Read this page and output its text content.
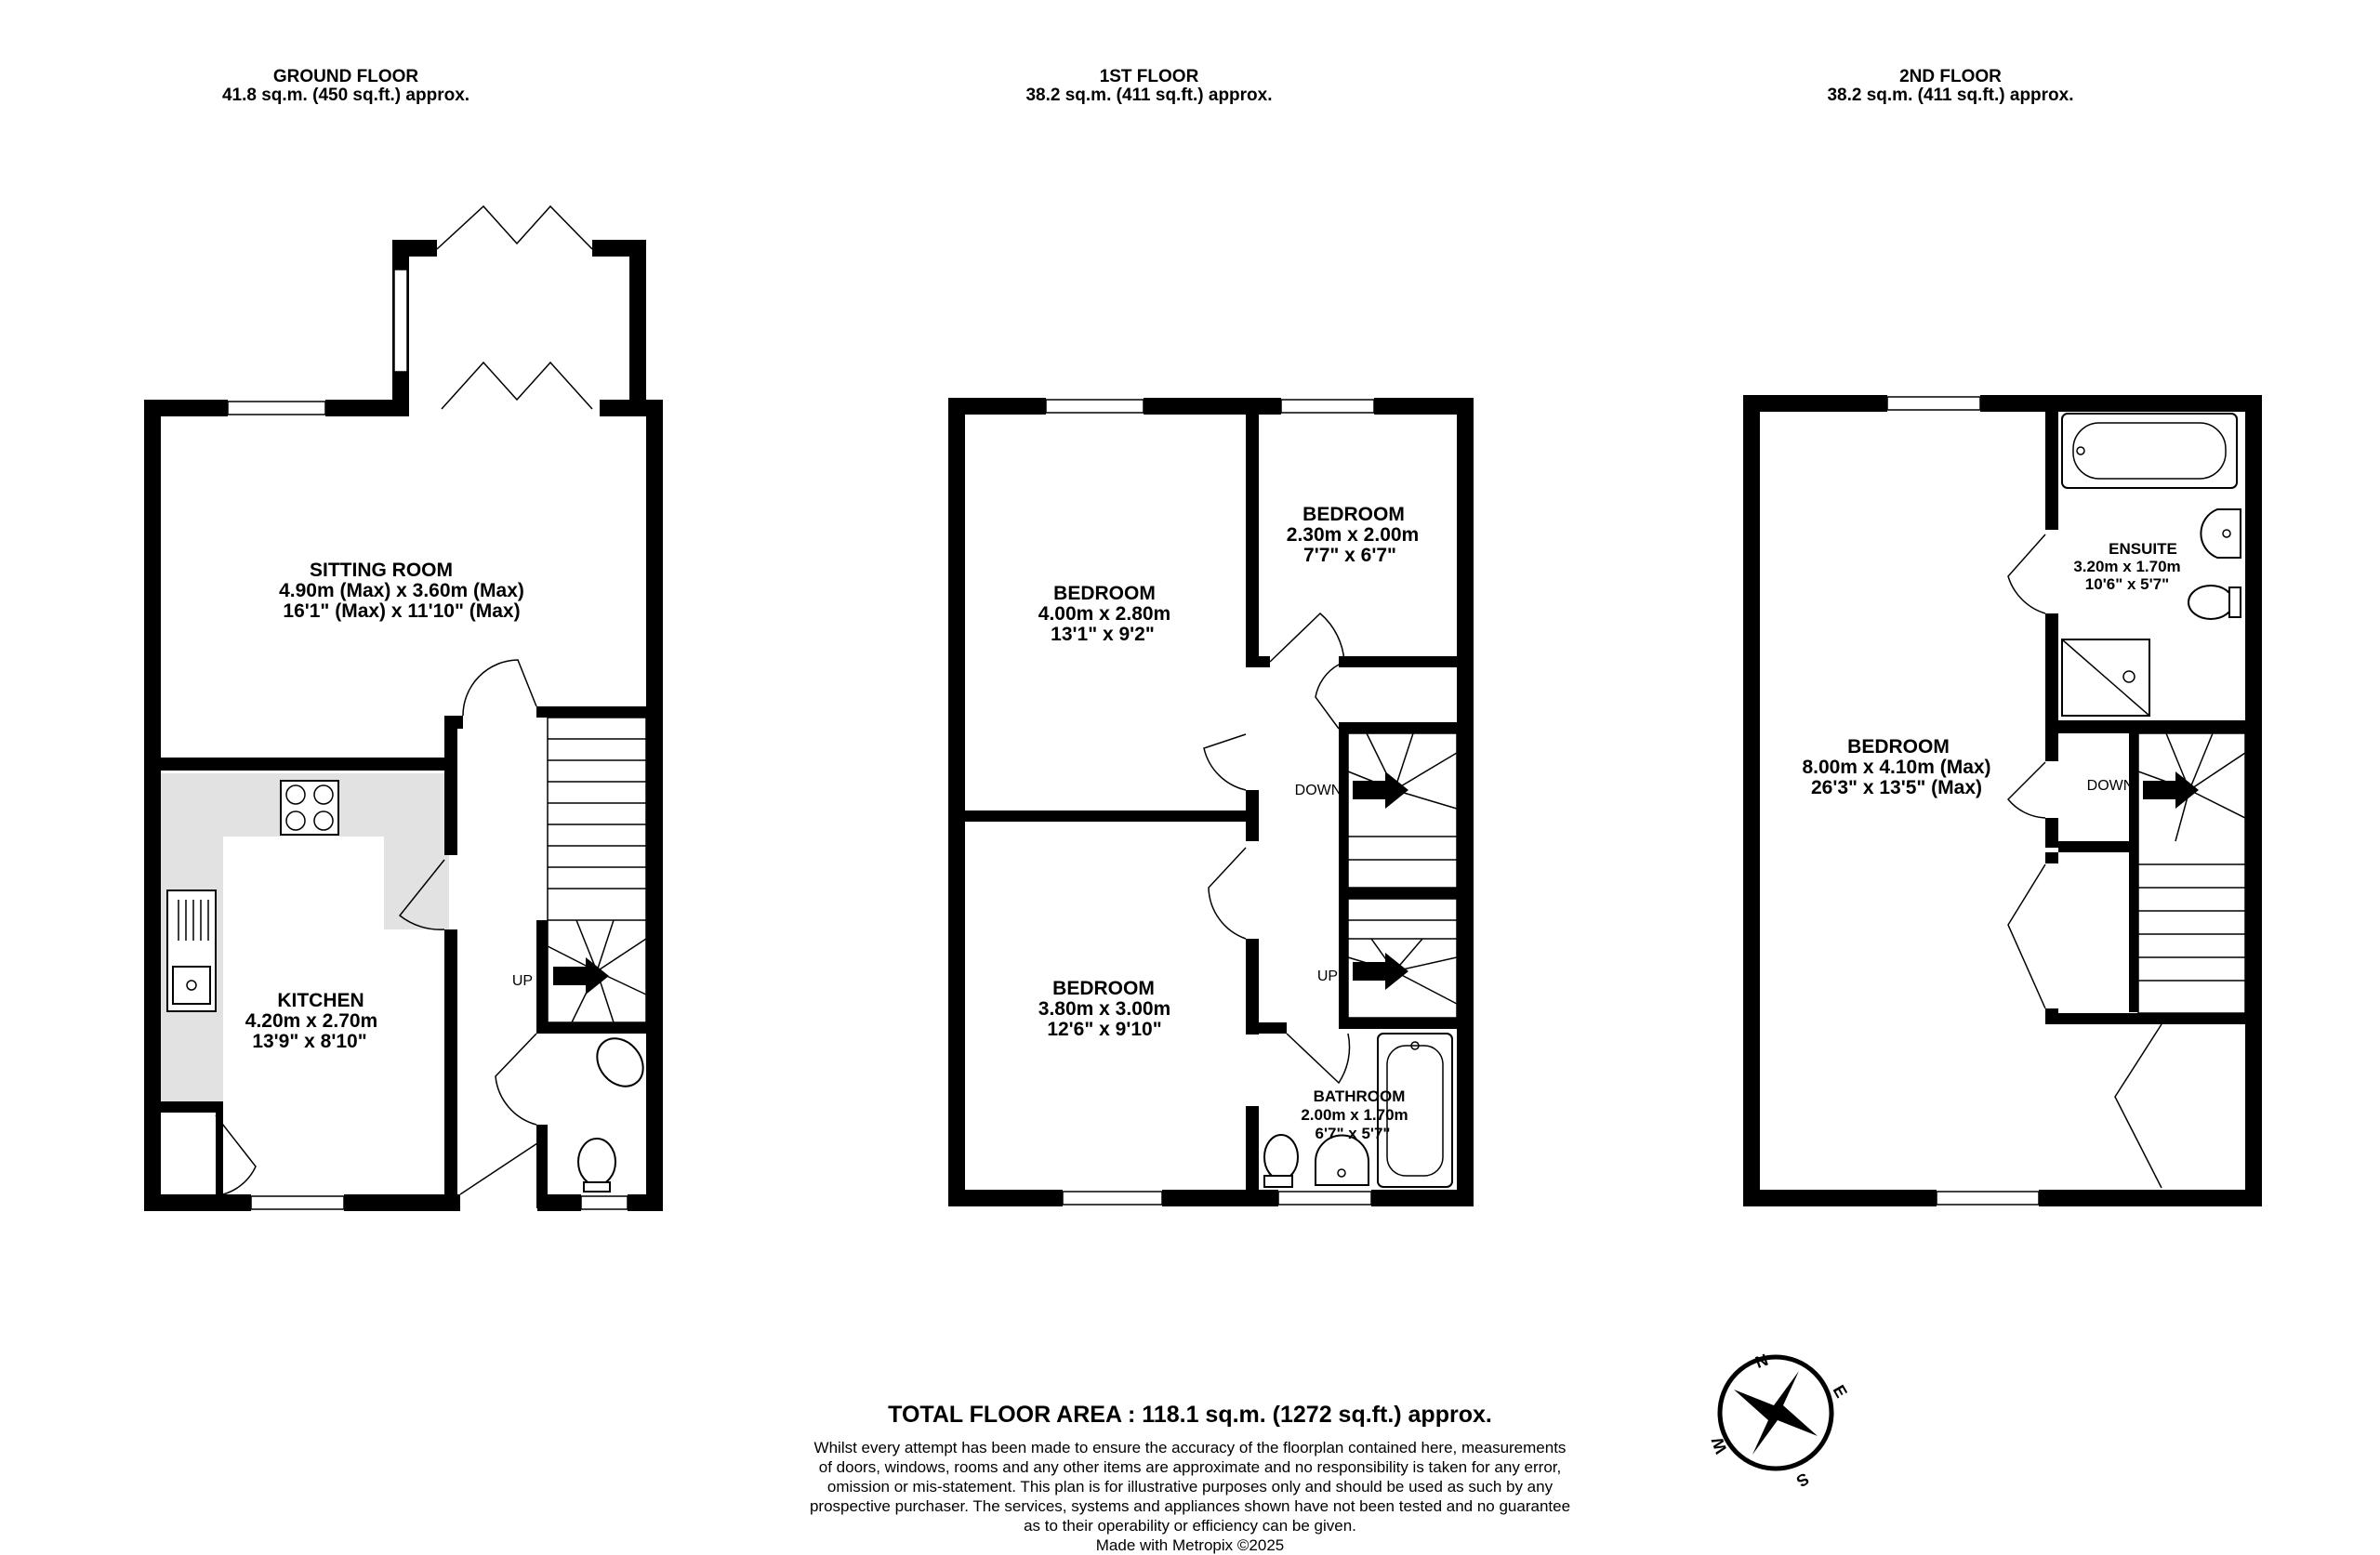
GROUND FLOOR
41.8 sq.m. (450 sq.ft.) approx.
1ST FLOOR
38.2 sq.m. (411 sq.ft.) approx.
2ND FLOOR
38.2 sq.m. (411 sq.ft.) approx.
UP
SITTING ROOM
4.90m (Max) x 3.60m (Max)
16'1" (Max) x 11'10" (Max)
KITCHEN
4.20m x 2.70m
13'9" x 8'10"
DOWN
UP
BEDROOM
4.00m x 2.80m
13'1" x 9'2"
BEDROOM
2.30m x 2.00m
7'7" x 6'7"
BEDROOM
3.80m x 3.00m
12'6" x 9'10"
BATHROOM
2.00m x 1.70m
6'7" x 5'7"
DOWN
BEDROOM
8.00m x 4.10m (Max)
26'3" x 13'5" (Max)
ENSUITE
3.20m x 1.70m
10'6" x 5'7"
N
E
S
W
TOTAL FLOOR AREA : 118.1 sq.m. (1272 sq.ft.) approx.
Whilst every attempt has been made to ensure the accuracy of the floorplan contained here, measurements
of doors, windows, rooms and any other items are approximate and no responsibility is taken for any error,
omission or mis-statement. This plan is for illustrative purposes only and should be used as such by any
prospective purchaser. The services, systems and appliances shown have not been tested and no guarantee
as to their operability or efficiency can be given.
Made with Metropix ©2025
